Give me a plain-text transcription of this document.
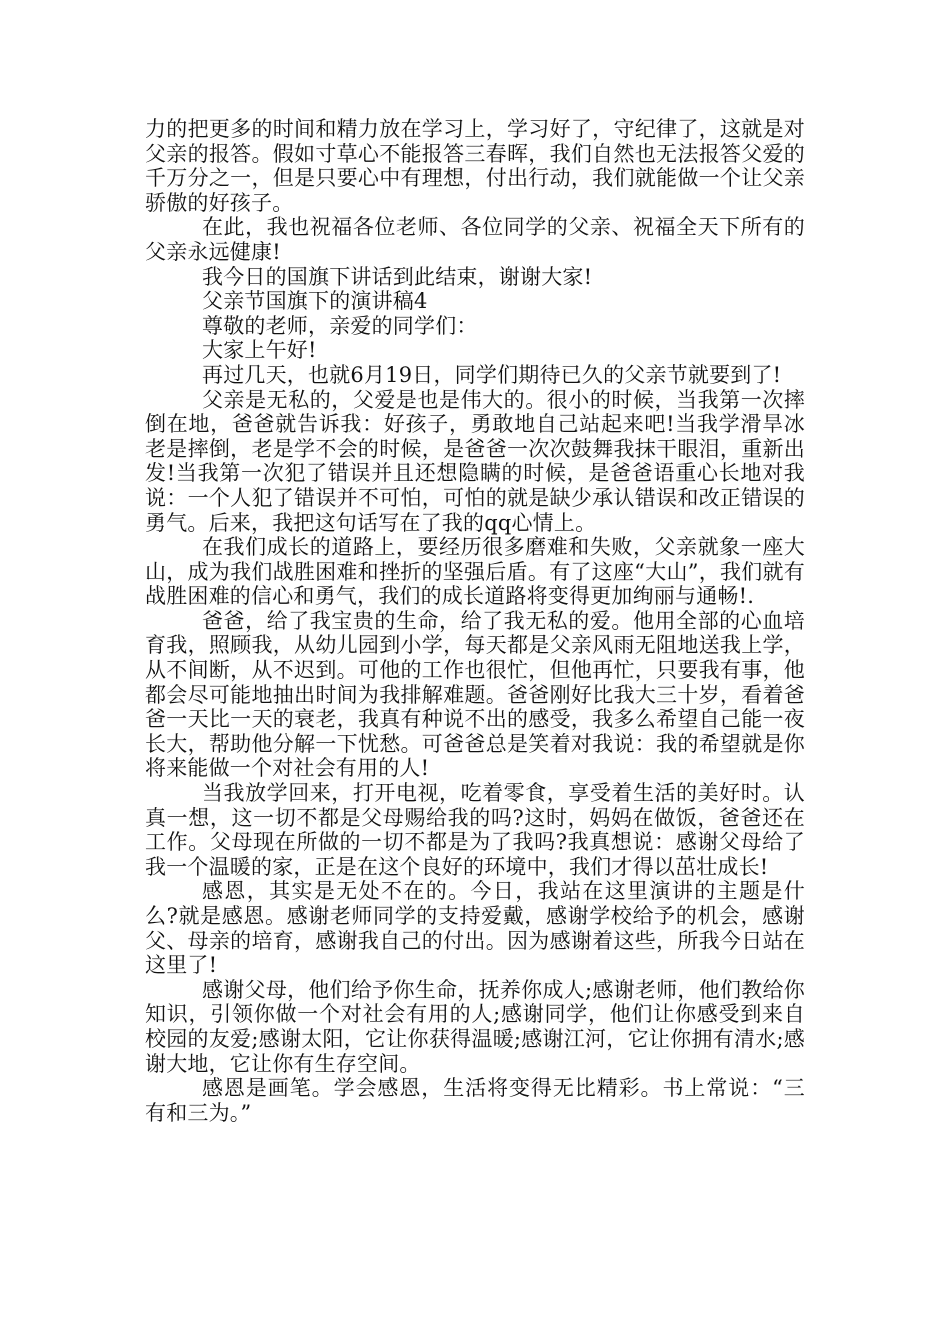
力的把更多的时间和精力放在学习上，学习好了，守纪律了，这就是对父亲的报答。假如寸草心不能报答三春晖，我们自然也无法报答父爱的千万分之一，但是只要心中有理想，付出行动，我们就能做一个让父亲骄傲的好孩子。

在此，我也祝福各位老师、各位同学的父亲、祝福全天下所有的父亲永远健康!

我今日的国旗下讲话到此结束，谢谢大家!

父亲节国旗下的演讲稿4

尊敬的老师，亲爱的同学们：

大家上午好!

再过几天，也就6月19日，同学们期待已久的父亲节就要到了!

父亲是无私的，父爱是也是伟大的。很小的时候，当我第一次摔倒在地，爸爸就告诉我：好孩子，勇敢地自己站起来吧!当我学滑旱冰老是摔倒，老是学不会的时候，是爸爸一次次鼓舞我抹干眼泪，重新出发!当我第一次犯了错误并且还想隐瞒的时候，是爸爸语重心长地对我说：一个人犯了错误并不可怕，可怕的就是缺少承认错误和改正错误的勇气。后来，我把这句话写在了我的qq心情上。

在我们成长的道路上，要经历很多磨难和失败，父亲就象一座大山，成为我们战胜困难和挫折的坚强后盾。有了这座“大山”，我们就有战胜困难的信心和勇气，我们的成长道路将变得更加绚丽与通畅!.

爸爸，给了我宝贵的生命，给了我无私的爱。他用全部的心血培育我，照顾我，从幼儿园到小学，每天都是父亲风雨无阻地送我上学，从不间断，从不迟到。可他的工作也很忙，但他再忙，只要我有事，他都会尽可能地抽出时间为我排解难题。爸爸刚好比我大三十岁，看着爸爸一天比一天的衰老，我真有种说不出的感受，我多么希望自己能一夜长大，帮助他分解一下忧愁。可爸爸总是笑着对我说：我的希望就是你将来能做一个对社会有用的人!

当我放学回来，打开电视，吃着零食，享受着生活的美好时。认真一想，这一切不都是父母赐给我的吗?这时，妈妈在做饭，爸爸还在工作。父母现在所做的一切不都是为了我吗?我真想说：感谢父母给了我一个温暖的家，正是在这个良好的环境中，我们才得以茁壮成长!

感恩，其实是无处不在的。今日，我站在这里演讲的主题是什么?就是感恩。感谢老师同学的支持爱戴，感谢学校给予的机会，感谢父、母亲的培育，感谢我自己的付出。因为感谢着这些，所我今日站在这里了!

感谢父母，他们给予你生命，抚养你成人;感谢老师，他们教给你知识，引领你做一个对社会有用的人;感谢同学，他们让你感受到来自校园的友爱;感谢太阳，它让你获得温暖;感谢江河，它让你拥有清水;感谢大地，它让你有生存空间。

感恩是画笔。学会感恩，生活将变得无比精彩。书上常说：“三有和三为。”
